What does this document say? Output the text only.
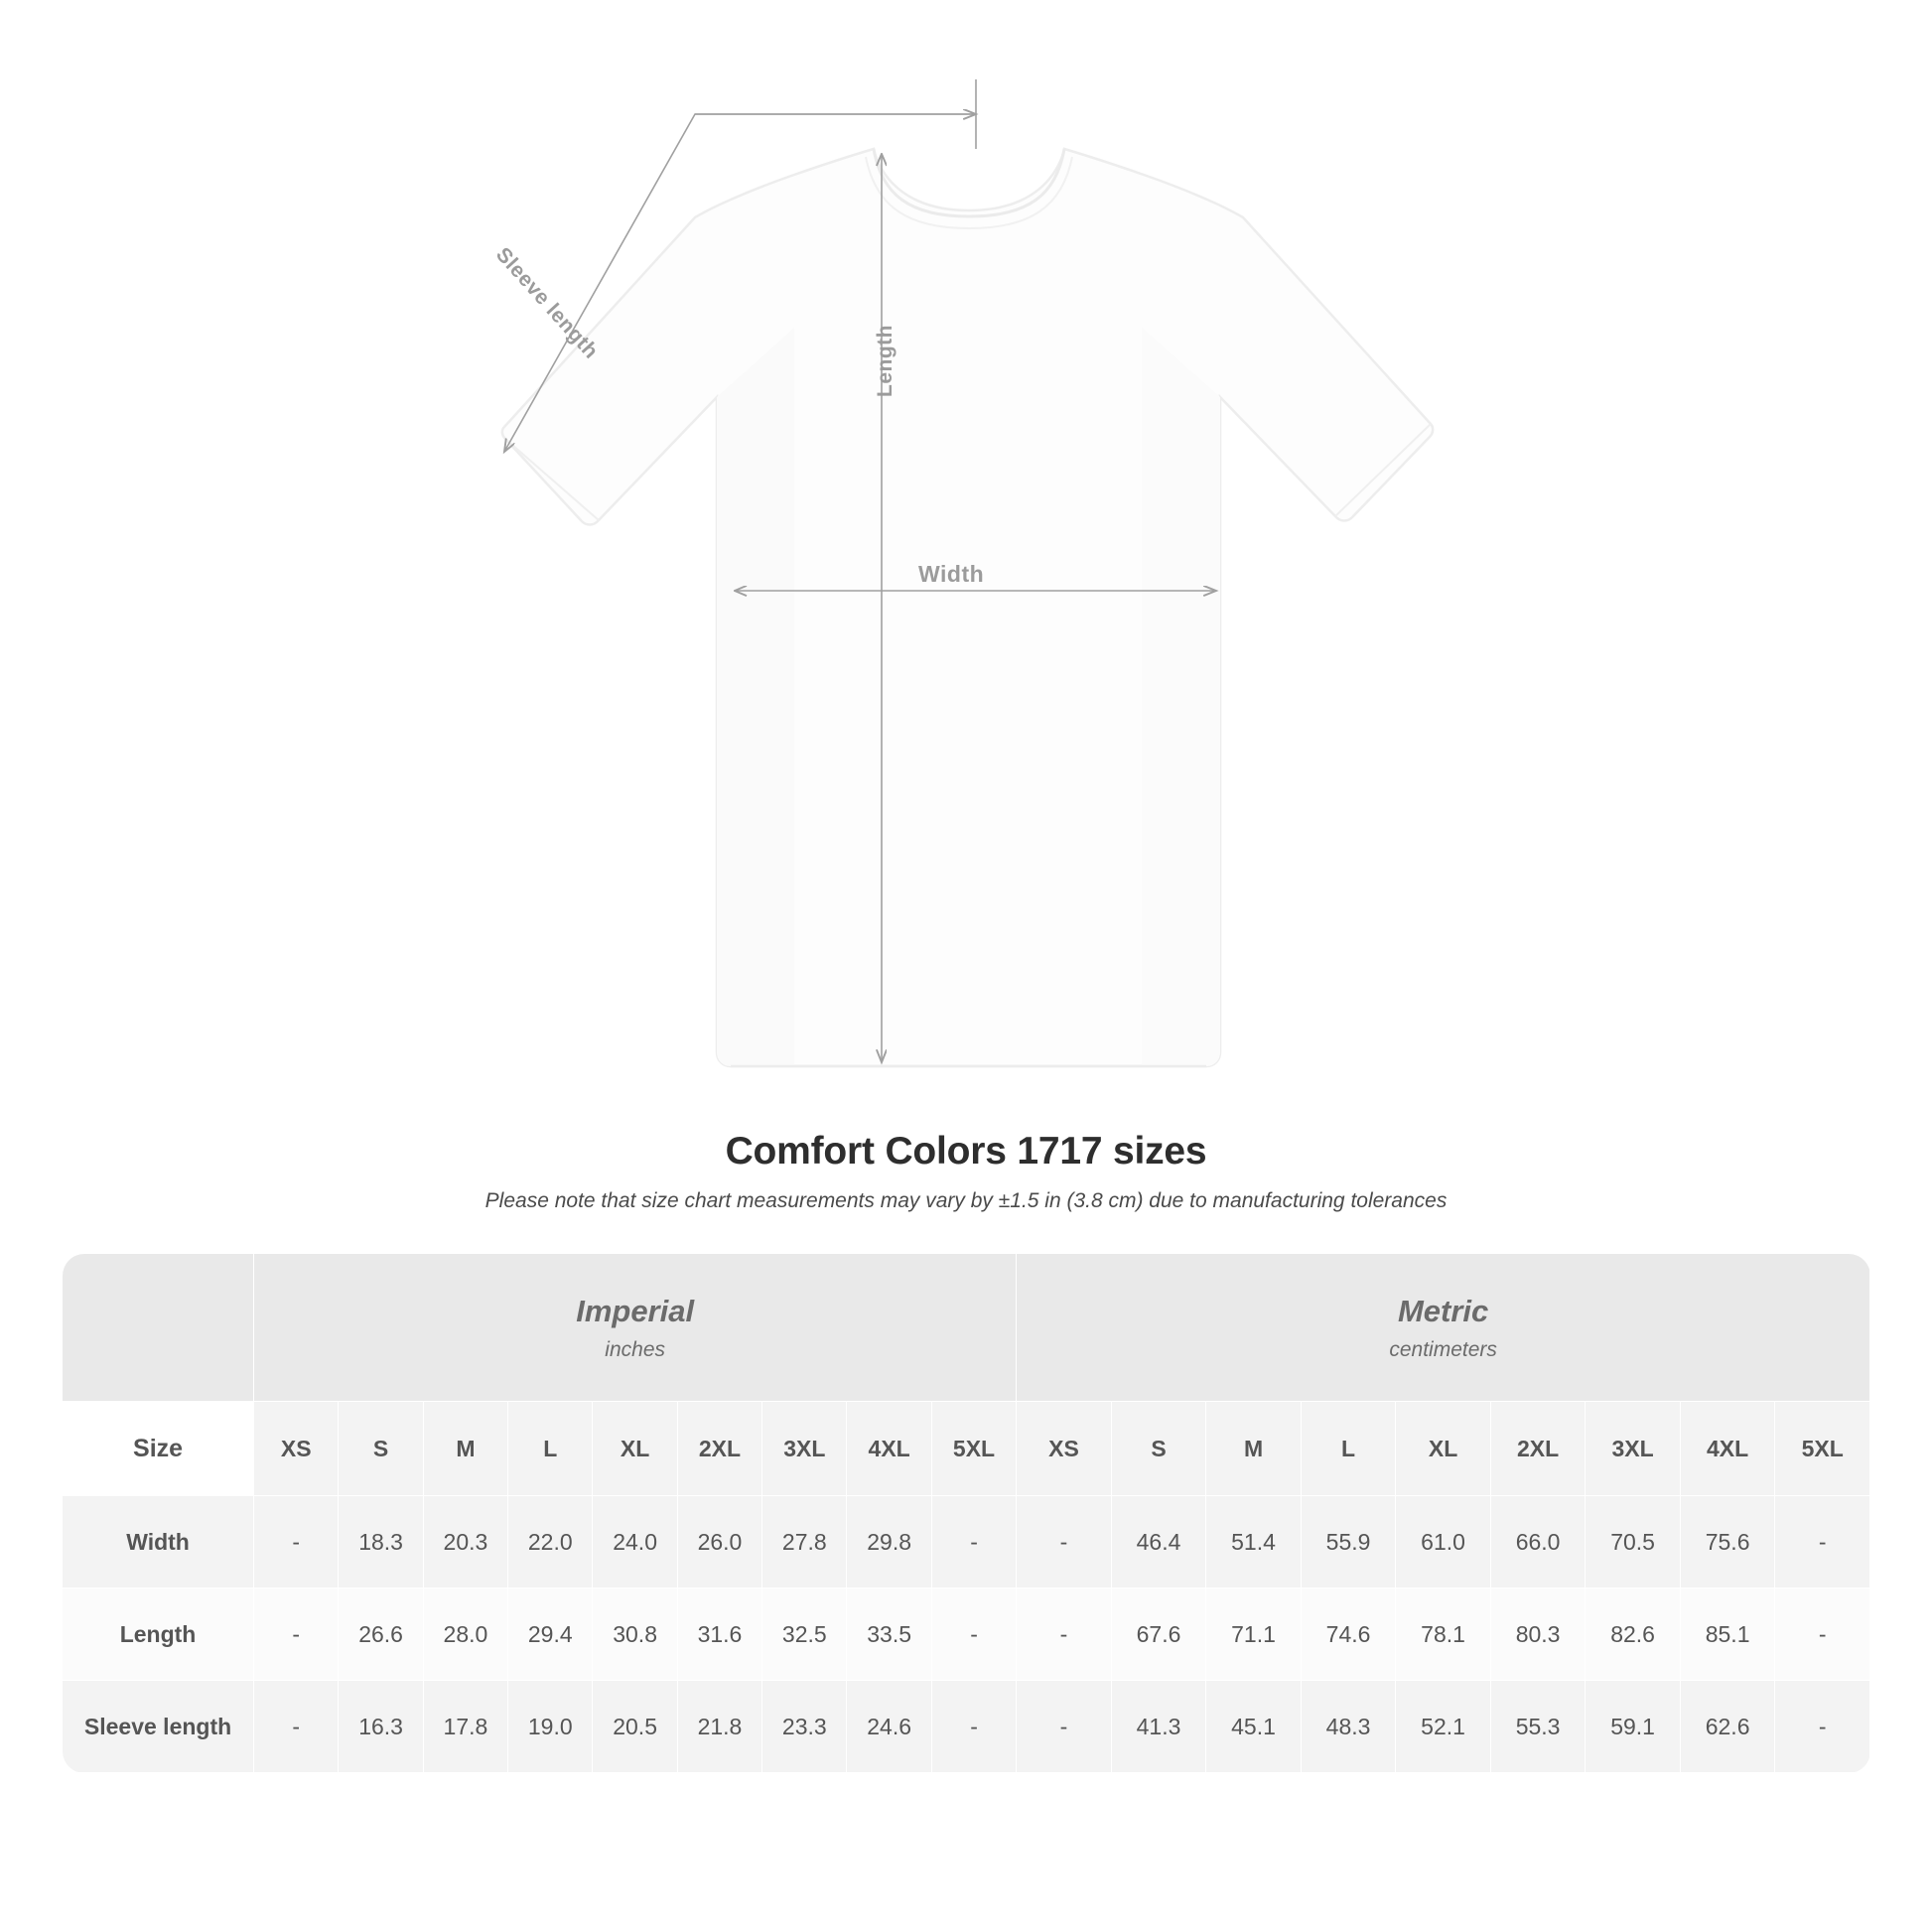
Width
Length
Sleeve length
Comfort Colors 1717 sizes
Please note that size chart measurements may vary by ±1.5 in (3.8 cm) due to manufacturing tolerances

	Imperial
inches									Metric
centimeters								

Size	XS	S	M	L	XL	2XL	3XL	4XL	5XL	XS	S	M	L	XL	2XL	3XL	4XL	5XL
Width	-	18.3	20.3	22.0	24.0	26.0	27.8	29.8	-	-	46.4	51.4	55.9	61.0	66.0	70.5	75.6	-
Length	-	26.6	28.0	29.4	30.8	31.6	32.5	33.5	-	-	67.6	71.1	74.6	78.1	80.3	82.6	85.1	-
Sleeve length	-	16.3	17.8	19.0	20.5	21.8	23.3	24.6	-	-	41.3	45.1	48.3	52.1	55.3	59.1	62.6	-
